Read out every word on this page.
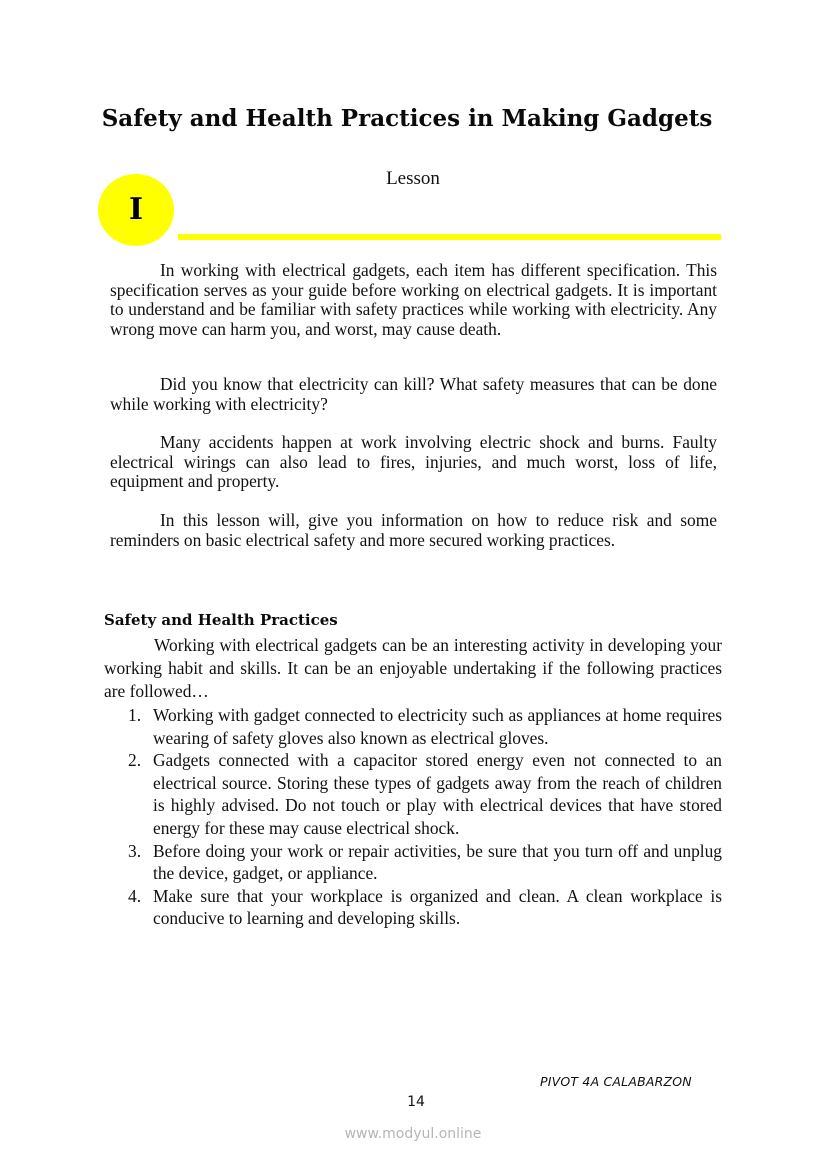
Safety and Health Practices in Making Gadgets
Lesson
I

In working with electrical gadgets, each item has different specification. This specification serves as your guide before working on electrical gadgets. It is important to understand and be familiar with safety practices while working with electricity. Any wrong move can harm you, and worst, may cause death.

Did you know that electricity can kill? What safety measures that can be done while working with electricity?

Many accidents happen at work involving electric shock and burns. Faulty electrical wirings can also lead to fires, injuries, and much worst, loss of life, equipment and property.

In this lesson will, give you information on how to reduce risk and some reminders on basic electrical safety and more secured working practices.

Safety and Health Practices

Working with electrical gadgets can be an interesting activity in developing your working habit and skills. It can be an enjoyable undertaking if the following practices are followed…

1. Working with gadget connected to electricity such as appliances at home requires wearing of safety gloves also known as electrical gloves.
2. Gadgets connected with a capacitor stored energy even not connected to an electrical source. Storing these types of gadgets away from the reach of children is highly advised. Do not touch or play with electrical devices that have stored energy for these may cause electrical shock.
3. Before doing your work or repair activities, be sure that you turn off and unplug the device, gadget, or appliance.
4. Make sure that your workplace is organized and clean. A clean workplace is conducive to learning and developing skills.
PIVOT 4A CALABARZON
14
www.modyul.online
